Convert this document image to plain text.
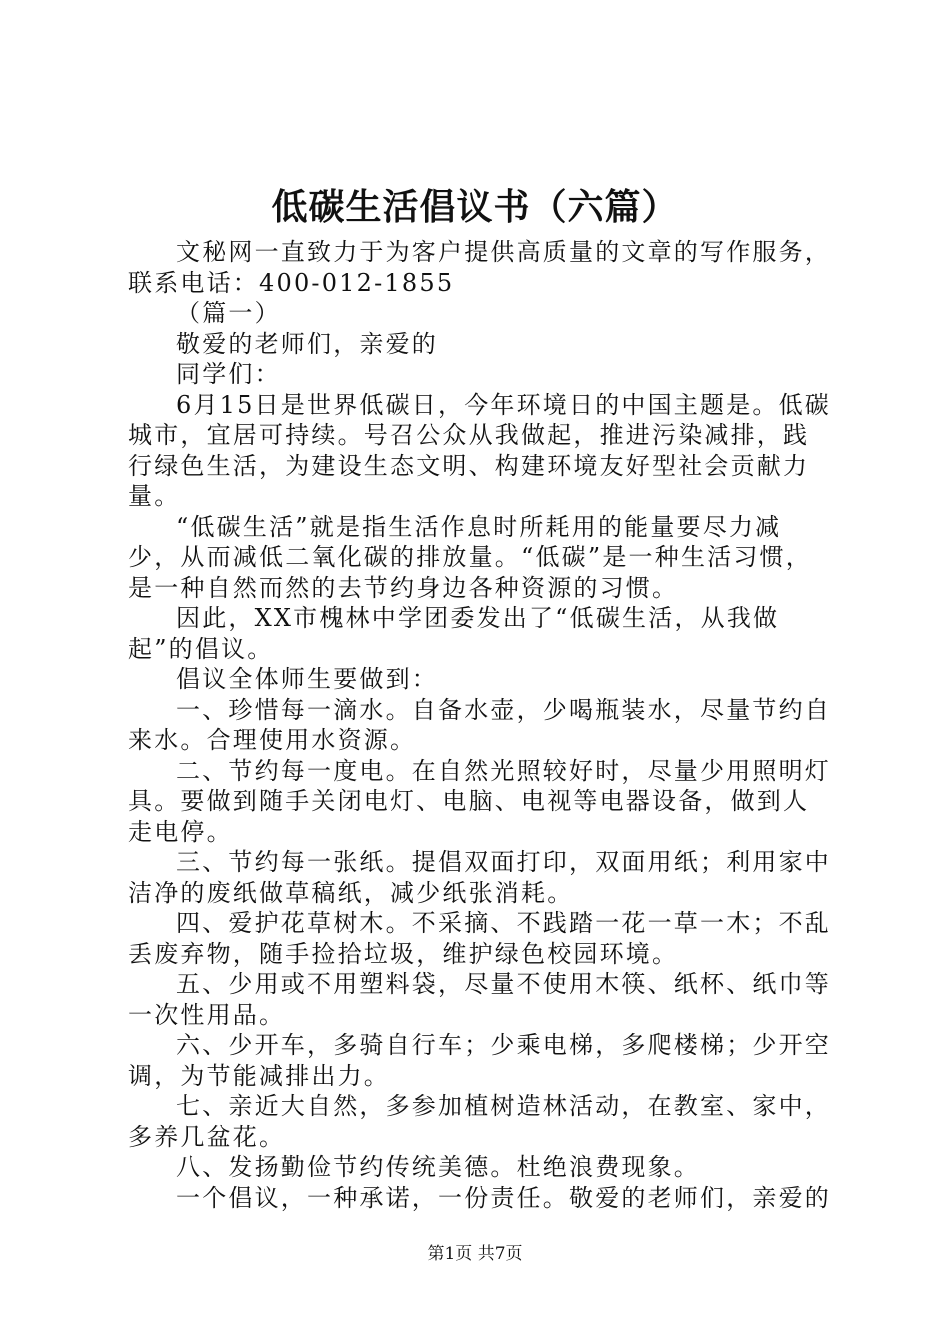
低碳生活倡议书（六篇）

文秘网一直致力于为客户提供高质量的文章的写作服务，联系电话：400-012-1855

（篇一）

敬爱的老师们，亲爱的

同学们：

6月15日是世界低碳日，今年环境日的中国主题是。低碳城市，宜居可持续。号召公众从我做起，推进污染减排，践行绿色生活，为建设生态文明、构建环境友好型社会贡献力量。

“低碳生活”就是指生活作息时所耗用的能量要尽力减少，从而减低二氧化碳的排放量。“低碳”是一种生活习惯，是一种自然而然的去节约身边各种资源的习惯。

因此，XX市槐林中学团委发出了“低碳生活，从我做起”的倡议。

倡议全体师生要做到：

一、珍惜每一滴水。自备水壶，少喝瓶装水，尽量节约自来水。合理使用水资源。

二、节约每一度电。在自然光照较好时，尽量少用照明灯具。要做到随手关闭电灯、电脑、电视等电器设备，做到人走电停。

三、节约每一张纸。提倡双面打印，双面用纸；利用家中洁净的废纸做草稿纸，减少纸张消耗。

四、爱护花草树木。不采摘、不践踏一花一草一木；不乱丢废弃物，随手捡拾垃圾，维护绿色校园环境。

五、少用或不用塑料袋，尽量不使用木筷、纸杯、纸巾等一次性用品。

六、少开车，多骑自行车；少乘电梯，多爬楼梯；少开空调，为节能减排出力。

七、亲近大自然，多参加植树造林活动，在教室、家中，多养几盆花。

八、发扬勤俭节约传统美德。杜绝浪费现象。

一个倡议，一种承诺，一份责任。敬爱的老师们，亲爱的

第1页 共7页
